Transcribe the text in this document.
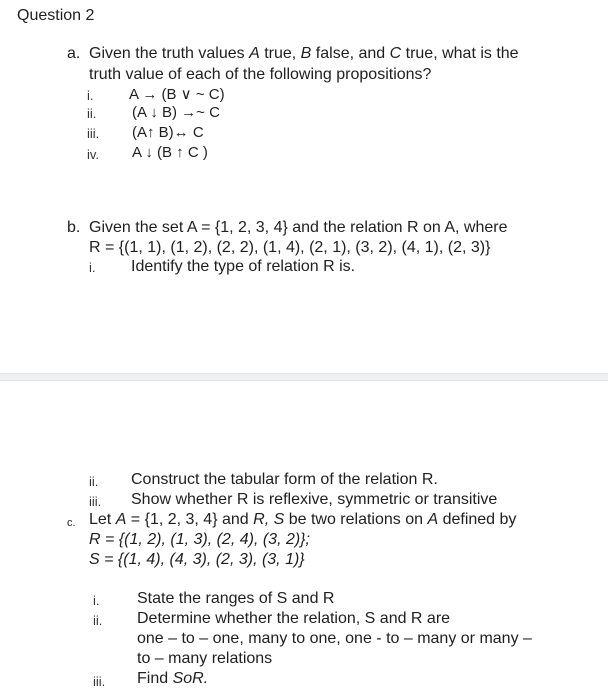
Question 2
a. Given the truth values A true, B false, and C true, what is the
truth value of each of the following propositions?
i. A → (B ∨ ~ C)
ii. (A ↓ B) →~ C
iii. (A↑ B)↔ C
iv. A ↓ (B ↑ C )
b. Given the set A = {1, 2, 3, 4} and the relation R on A, where
R = {(1, 1), (1, 2), (2, 2), (1, 4), (2, 1), (3, 2), (4, 1), (2, 3)}
i. Identify the type of relation R is.
ii. Construct the tabular form of the relation R.
iii. Show whether R is reflexive, symmetric or transitive
c. Let A = {1, 2, 3, 4} and R, S be two relations on A defined by
R = {(1, 2), (1, 3), (2, 4), (3, 2)};
S = {(1, 4), (4, 3), (2, 3), (3, 1)}
i. State the ranges of S and R
ii. Determine whether the relation, S and R are
one – to – one, many to one, one - to – many or many –
to – many relations
iii. Find SoR.
